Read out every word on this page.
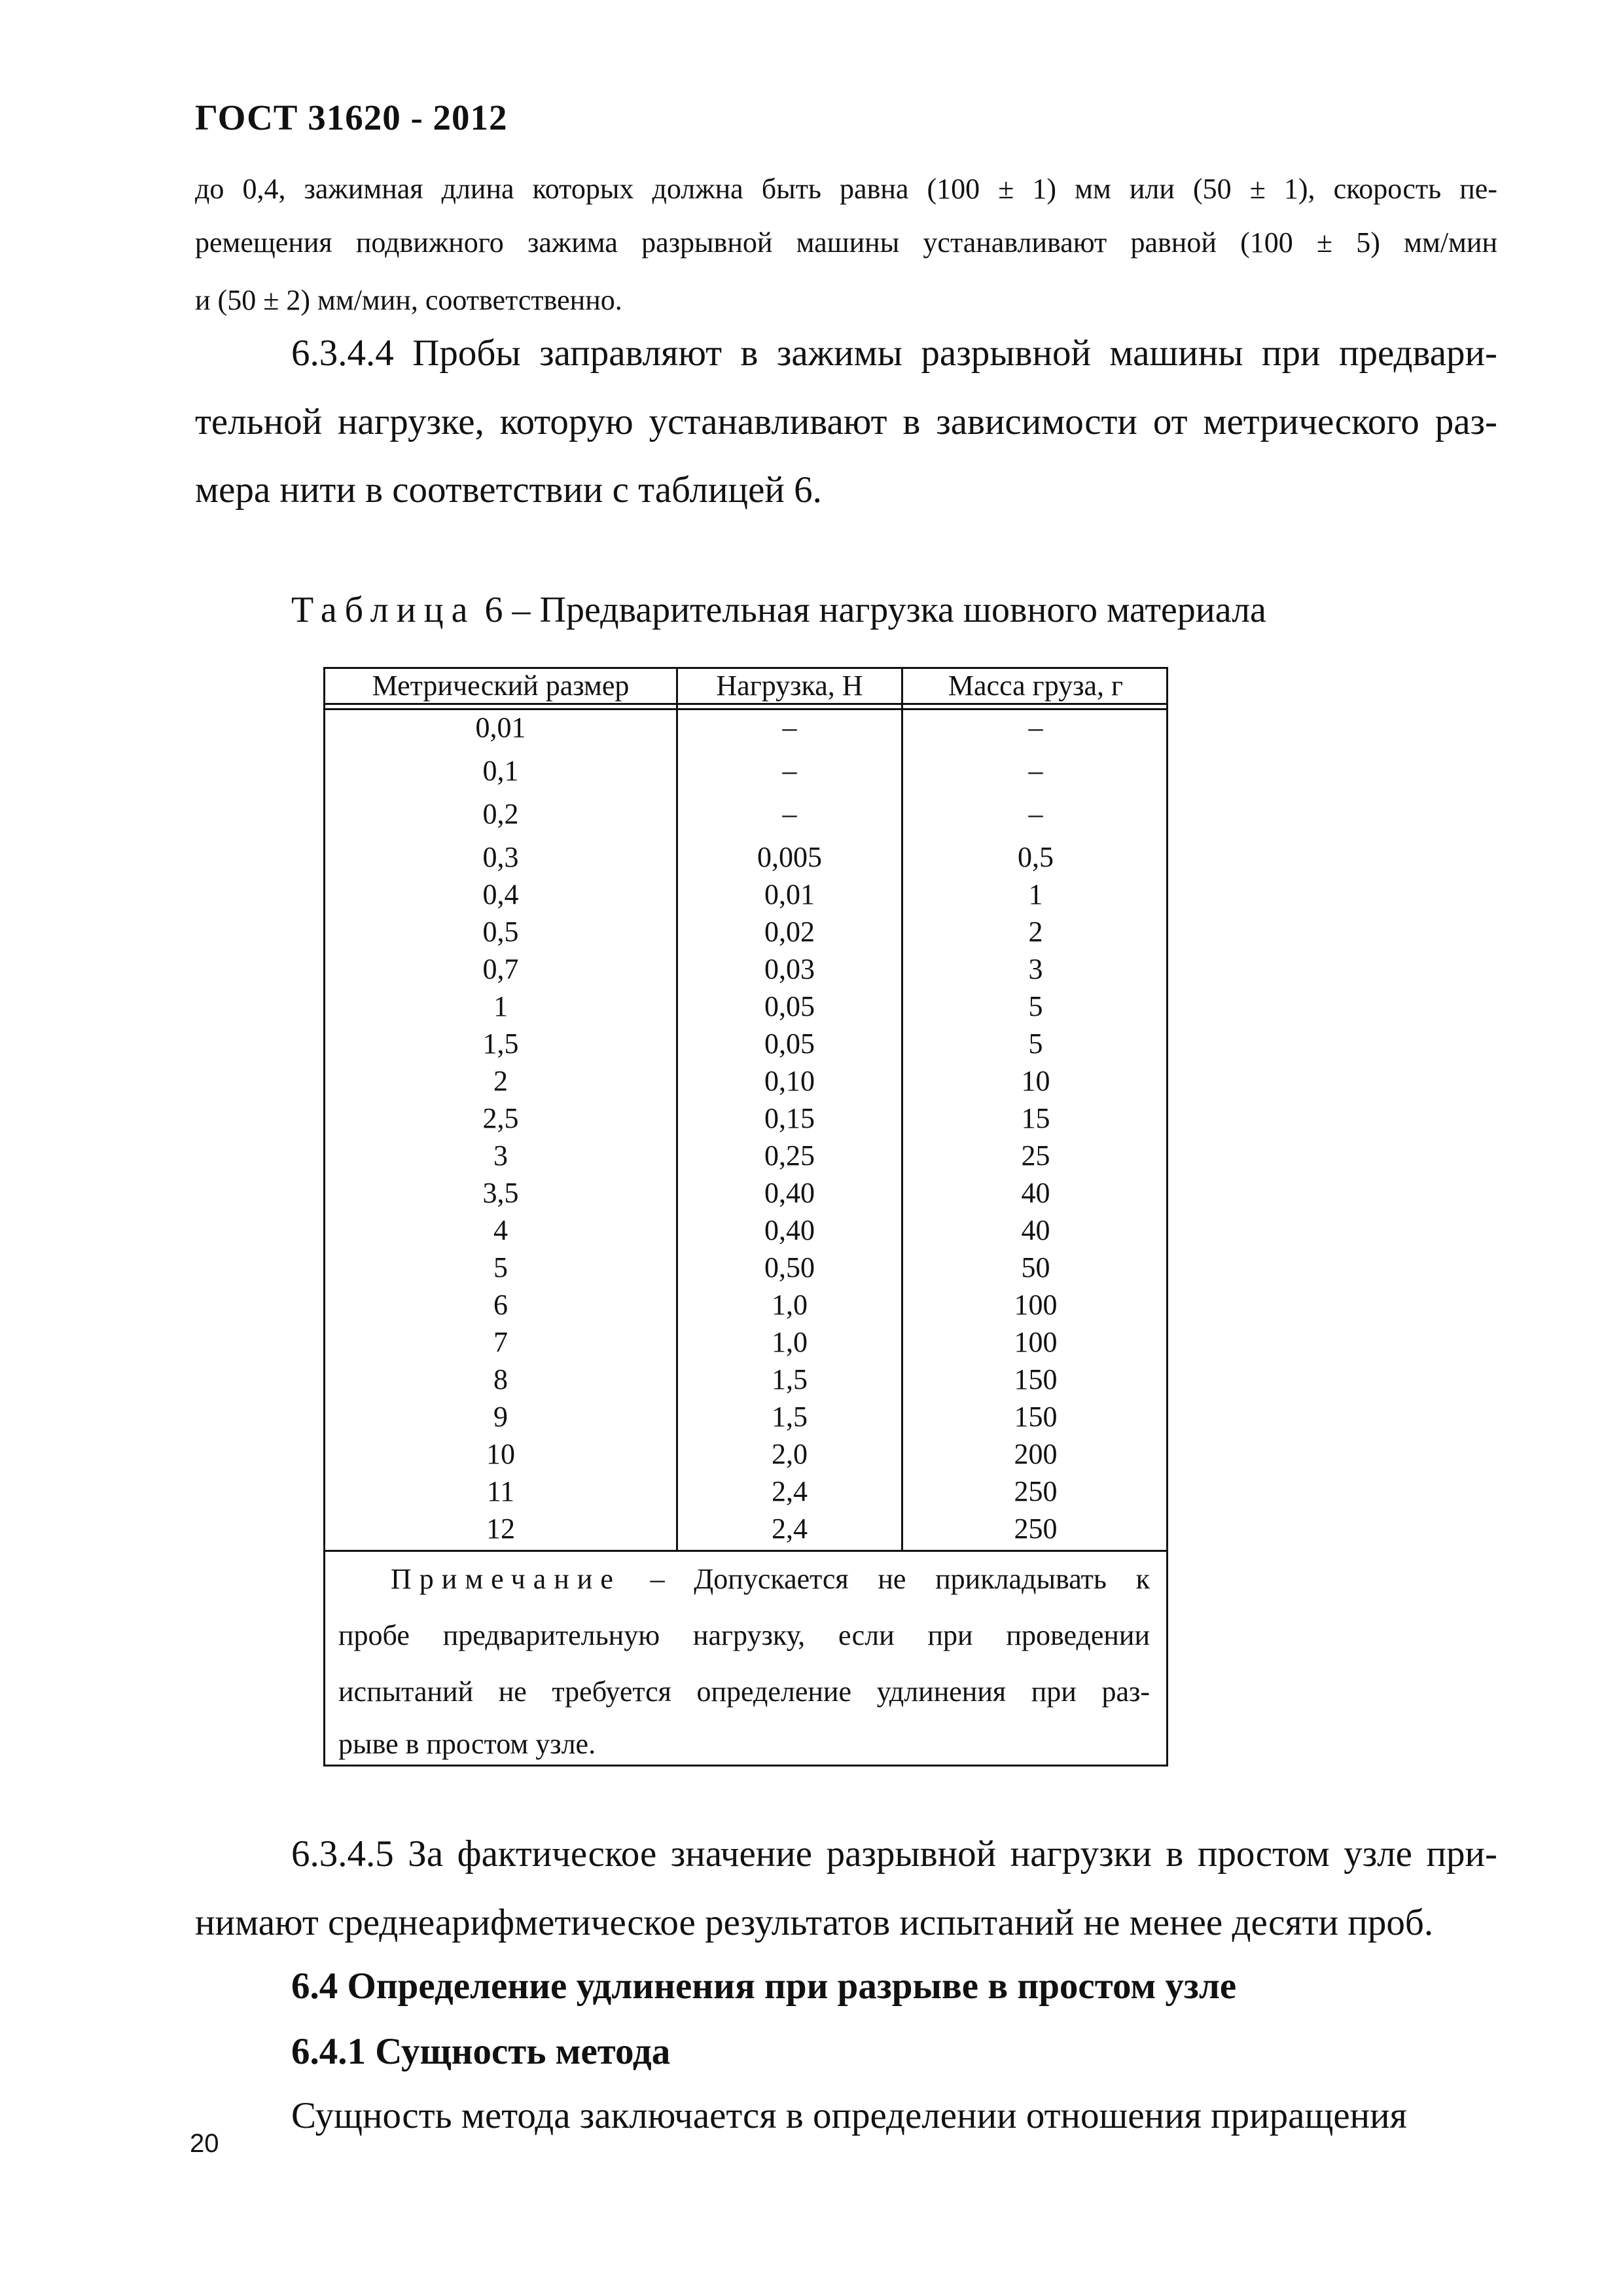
ГОСТ 31620 - 2012
до 0,4, зажимная длина которых должна быть равна (100 ± 1) мм или (50 ± 1), скорость пе-
ремещения подвижного зажима разрывной машины устанавливают равной (100 ± 5) мм/мин
и (50 ± 2) мм/мин, соответственно.
6.3.4.4 Пробы заправляют в зажимы разрывной машины при предвари-
тельной нагрузке, которую устанавливают в зависимости от метрического раз-
мера нити в соответствии с таблицей 6.
Таблица 6 – Предварительная нагрузка шовного материала
Метрический размер	Нагрузка, Н	Масса груза, г
0,01	–	–
0,1	–	–
0,2	–	–
0,3	0,005	0,5
0,4	0,01	1
0,5	0,02	2
0,7	0,03	3
1	0,05	5
1,5	0,05	5
2	0,10	10
2,5	0,15	15
3	0,25	25
3,5	0,40	40
4	0,40	40
5	0,50	50
6	1,0	100
7	1,0	100
8	1,5	150
9	1,5	150
10	2,0	200
11	2,4	250
12	2,4	250
Примечание – Допускается не прикладывать к
пробе предварительную нагрузку, если при проведении
испытаний не требуется определение удлинения при раз-
рыве в простом узле.
6.3.4.5 За фактическое значение разрывной нагрузки в простом узле при-
нимают среднеарифметическое результатов испытаний не менее десяти проб.
6.4 Определение удлинения при разрыве в простом узле
6.4.1 Сущность метода
Сущность метода заключается в определении отношения приращения
20
